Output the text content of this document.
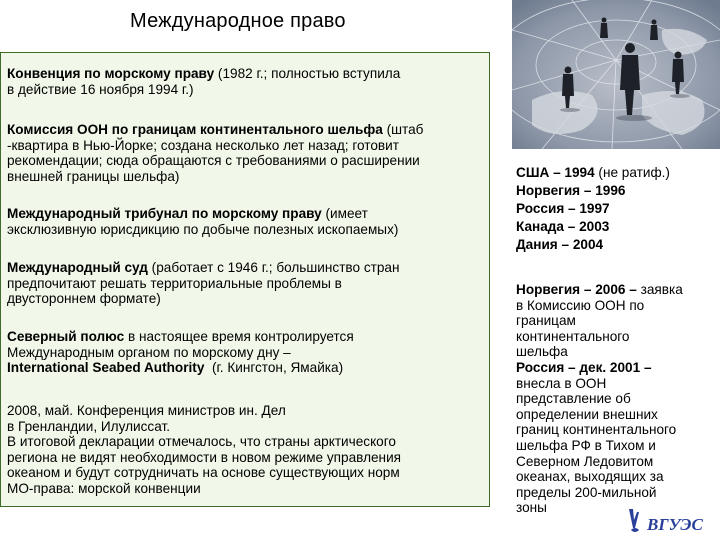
Международное право
Конвенция по морскому праву (1982 г.; полностью вступила
в действие 16 ноября 1994 г.)
Комиссия ООН по границам континентального шельфа (штаб
-квартира в Нью-Йорке; создана несколько лет назад; готовит
рекомендации; сюда обращаются с требованиями о расширении
внешней границы шельфа)
Международный трибунал по морскому праву (имеет
эксклюзивную юрисдикцию по добыче полезных ископаемых)
Международный суд (работает с 1946 г.; большинство стран
предпочитают решать территориальные проблемы в
двустороннем формате)
Северный полюс в настоящее время контролируется
Международным органом по морскому дну –
International Seabed Authority  (г. Кингстон, Ямайка)
2008, май. Конференция министров ин. Дел
в Гренландии, Илулиссат.
В итоговой декларации отмечалось, что страны арктического
региона не видят необходимости в новом режиме управления
океаном и будут сотрудничать на основе существующих норм
МО-права: морской конвенции
США – 1994 (не ратиф.)
Норвегия – 1996
Россия – 1997
Канада – 2003
Дания – 2004
Норвегия – 2006 – заявка
в Комиссию ООН по
границам
континентального
шельфа
Россия – дек. 2001 –
внесла в ООН
представление об
определении внешних
границ континентального
шельфа РФ в Тихом и
Северном Ледовитом
океанах, выходящих за
пределы 200-мильной
зоны
ВГУЭС
